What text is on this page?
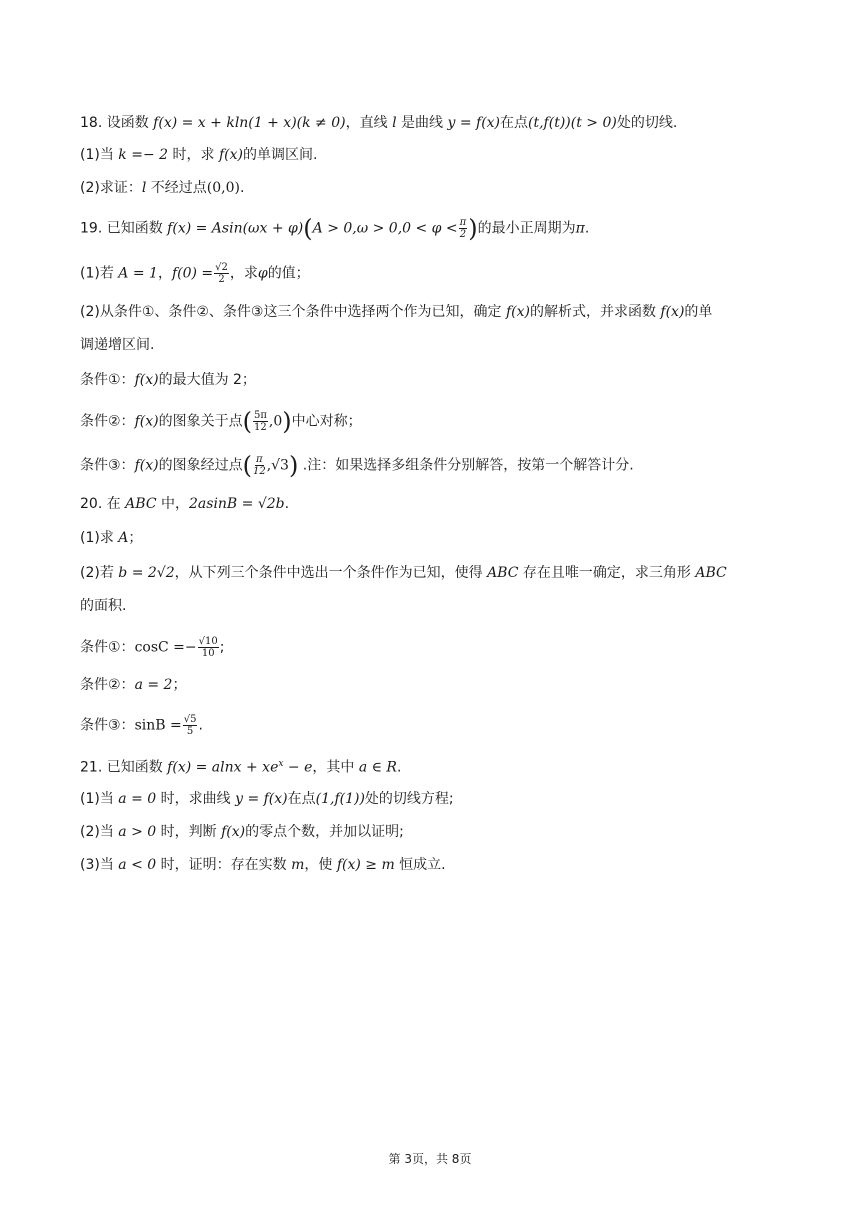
18. 设函数 f(x) = x + kln(1 + x)(k ≠ 0)，直线 l 是曲线 y = f(x)在点(t,f(t))(t > 0)处的切线.
(1)当 k =− 2 时，求 f(x)的单调区间.
(2)求证：l 不经过点(0,0).
19. 已知函数 $f(x) = Asin(\omega x + \varphi)(A > 0,\omega > 0,0 < \varphi < \frac{\pi}{2}$ )的最小正周期为π.
(1)若 A = 1，$f(0) = \frac{√2}{2}$ ，求φ的值；
(2)从条件①、条件②、条件③这三个条件中选择两个作为已知，确定 f(x)的解析式，并求函数 f(x)的单
调递增区间.
条件①：f(x)的最大值为 2；
条件②：f(x)的图象关于点( $\frac{5\pi}{12} ,0$)中心对称；
条件③：f(x)的图象经过点( $\frac{\pi}{12} ,√3$) .注：如果选择多组条件分别解答，按第一个解答计分.
20. 在 ABC 中，2asinB = √2b.
(1)求 A；
(2)若 b = 2√2，从下列三个条件中选出一个条件作为已知，使得 ABC 存在且唯一确定，求三角形 ABC
的面积.
条件①：$\cos C =- \frac{√10}{10}$ ;
条件②：a = 2；
条件③：$\sin B = \frac{√5}{5}$ .
21. 已知函数 $f(x) = alnx + xe^x - e$，其中 a ∈ R.
(1)当 a = 0 时，求曲线 y = f(x)在点(1,f(1))处的切线方程;
(2)当 a > 0 时，判断 f(x)的零点个数，并加以证明;
(3)当 a < 0 时，证明：存在实数 m，使 f(x) ≥ m 恒成立.
第 3页，共 8页
